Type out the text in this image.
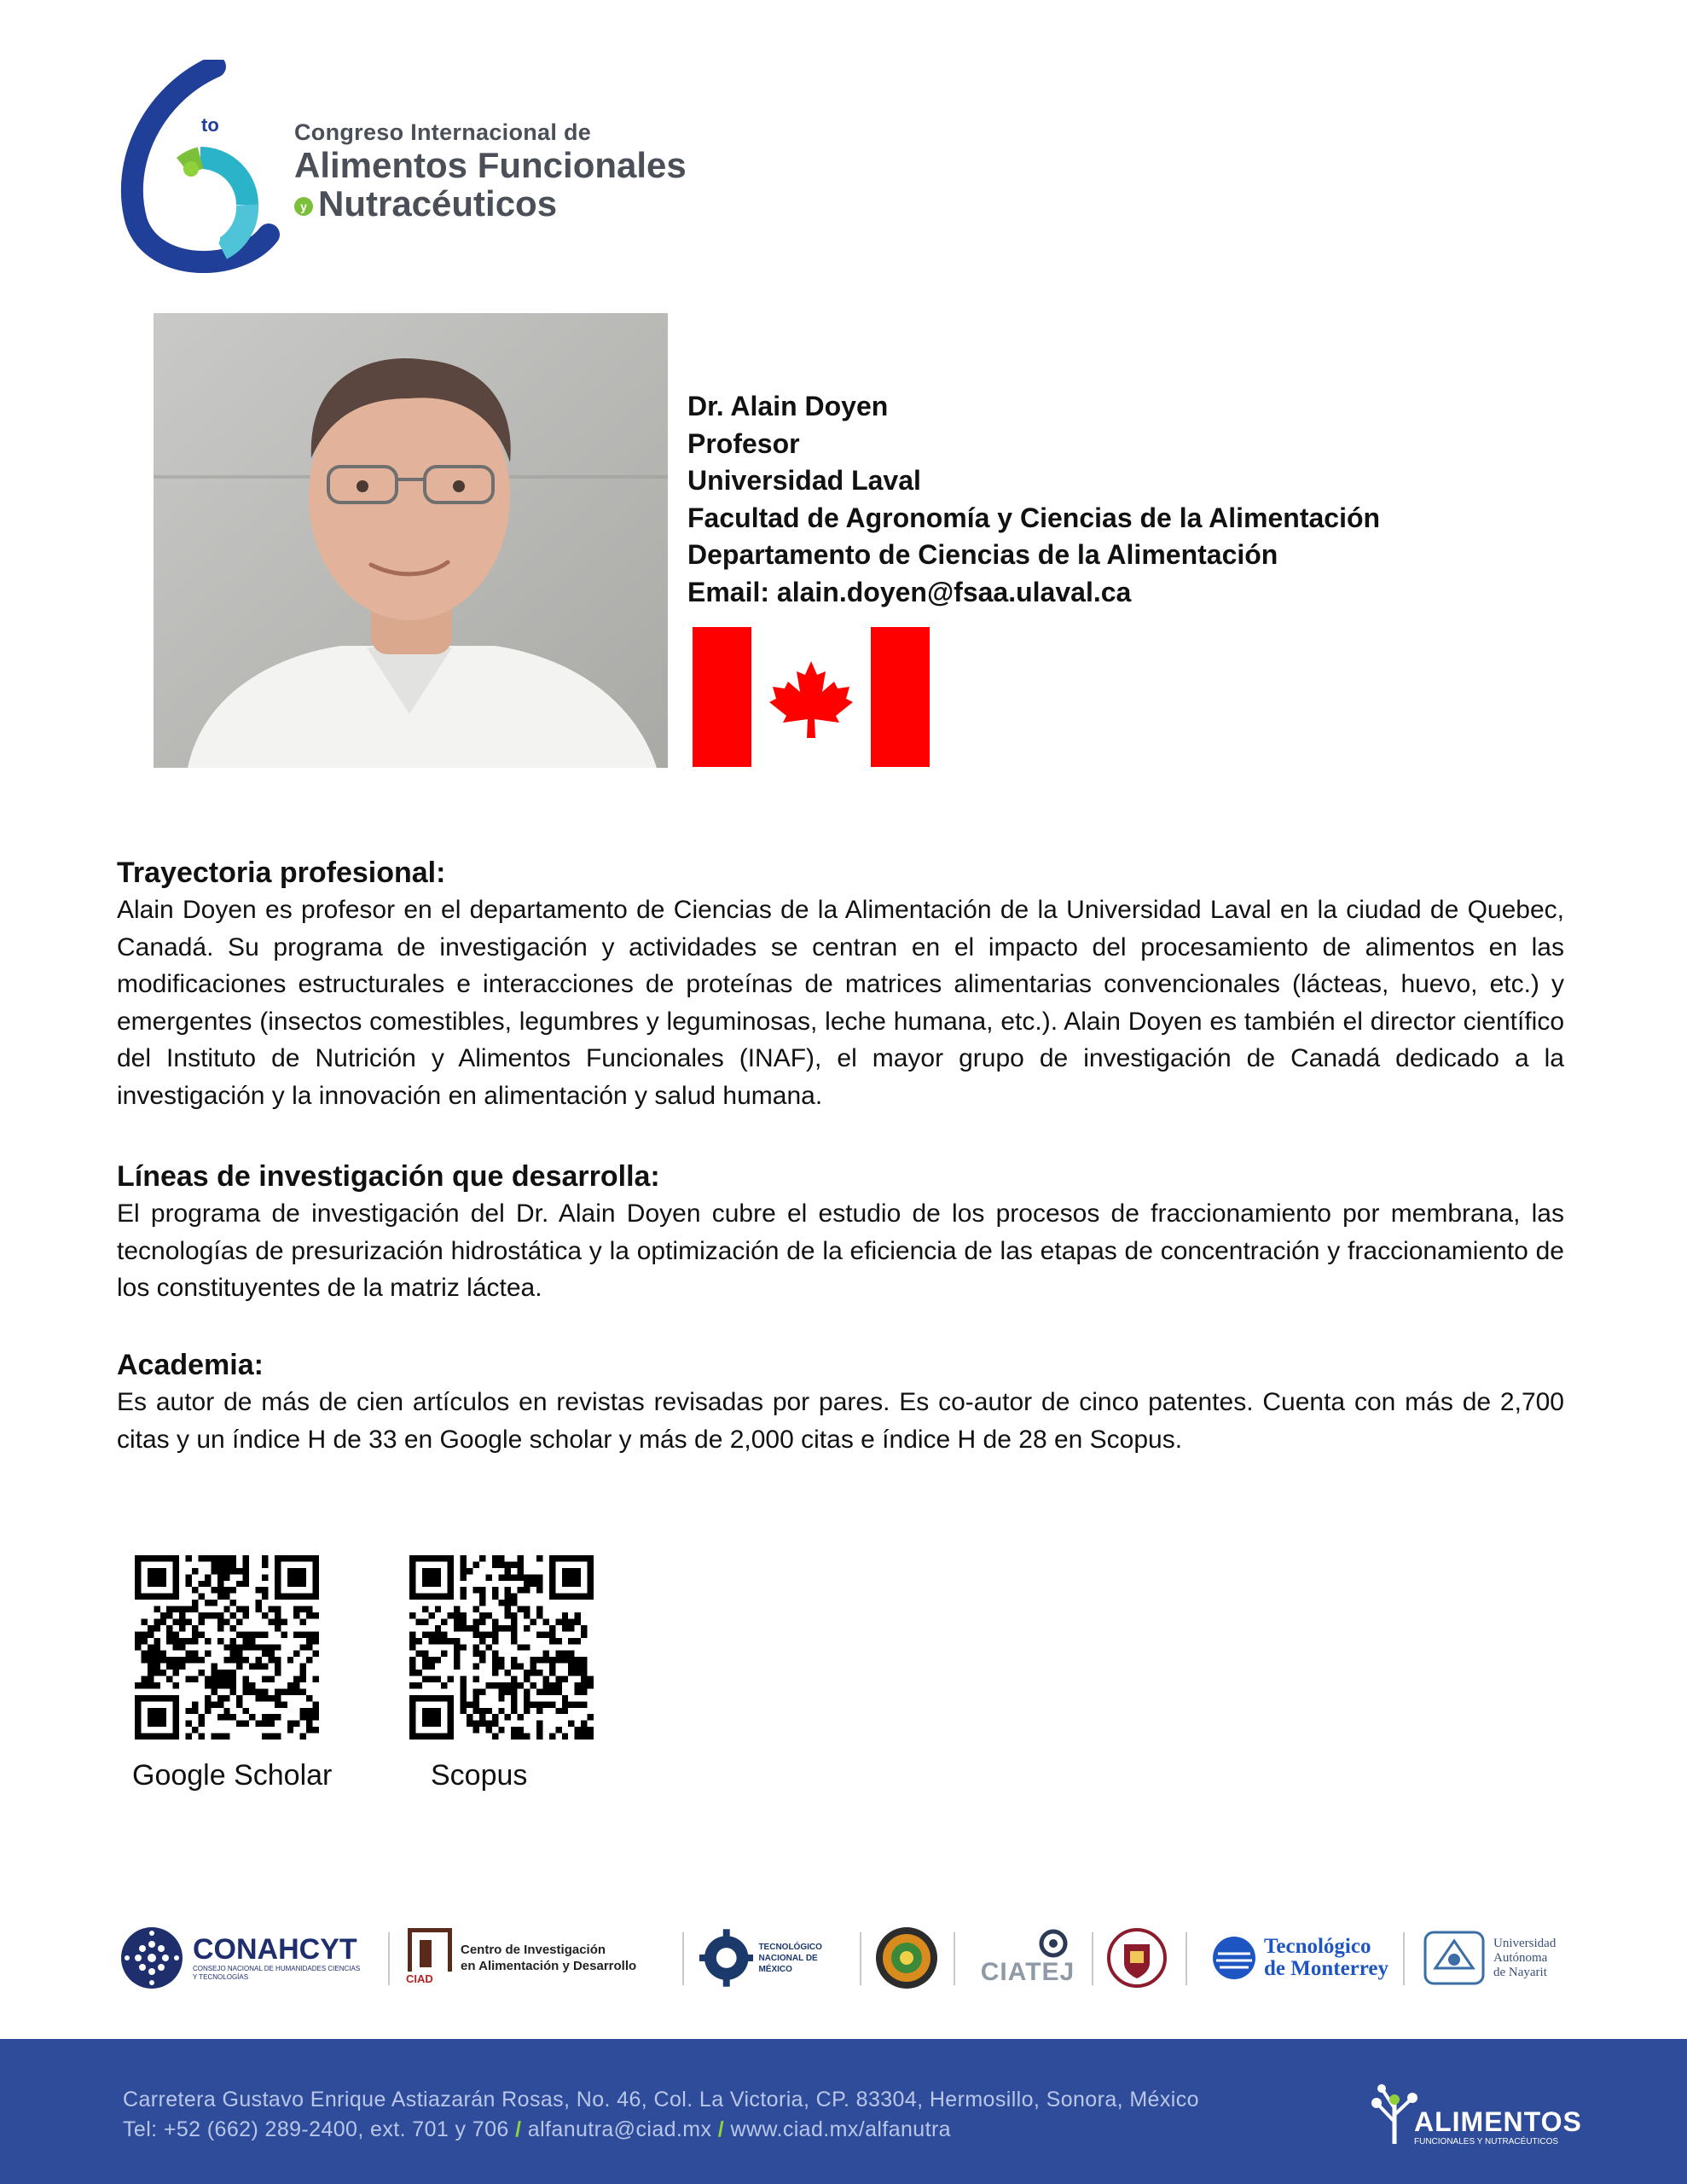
to	Congreso Internacional de
Alimentos Funcionales
y Nutracéuticos
Dr. Alain Doyen
Profesor
Universidad Laval
Facultad de Agronomía y Ciencias de la Alimentación
Departamento de Ciencias de la Alimentación
Email: alain.doyen@fsaa.ulaval.ca
Trayectoria profesional:

Alain Doyen es profesor en el departamento de Ciencias de la Alimentación de la Universidad Laval en la ciudad de Quebec, Canadá. Su programa de investigación y actividades se centran en el impacto del procesamiento de alimentos en las modificaciones estructurales e interacciones de proteínas de matrices alimentarias convencionales (lácteas, huevo, etc.) y emergentes (insectos comestibles, legumbres y leguminosas, leche humana, etc.). Alain Doyen es también el director científico del Instituto de Nutrición y Alimentos Funcionales (INAF), el mayor grupo de investigación de Canadá dedicado a la investigación y la innovación en alimentación y salud humana.

Líneas de investigación que desarrolla:

El programa de investigación del Dr. Alain Doyen cubre el estudio de los procesos de fraccionamiento por membrana, las tecnologías de presurización hidrostática y la optimización de la eficiencia de las etapas de concentración y fraccionamiento de los constituyentes de la matriz láctea.

Academia:

Es autor de más de cien artículos en revistas revisadas por pares. Es co-autor de cinco patentes. Cuenta con más de 2,700 citas y un índice H de 33 en Google scholar y más de 2,000 citas e índice H de 28 en Scopus.

Google Scholar	Scopus
CONAHCYT
CONSEJO NACIONAL DE HUMANIDADES CIENCIAS Y TECNOLOGÍAS	CIAD
Centro de Investigación
en Alimentación y Desarrollo
TECNOLÓGICO
NACIONAL DE MÉXICO	CIATEJ
Tecnológico
de Monterrey
Universidad
Autónoma
de Nayarit
Carretera Gustavo Enrique Astiazarán Rosas, No. 46, Col. La Victoria, CP. 83304, Hermosillo, Sonora, México
Tel: +52 (662) 289-2400, ext. 701 y 706 / alfanutra@ciad.mx / www.ciad.mx/alfanutra	ALIMENTOS
FUNCIONALES Y NUTRACÉUTICOS
